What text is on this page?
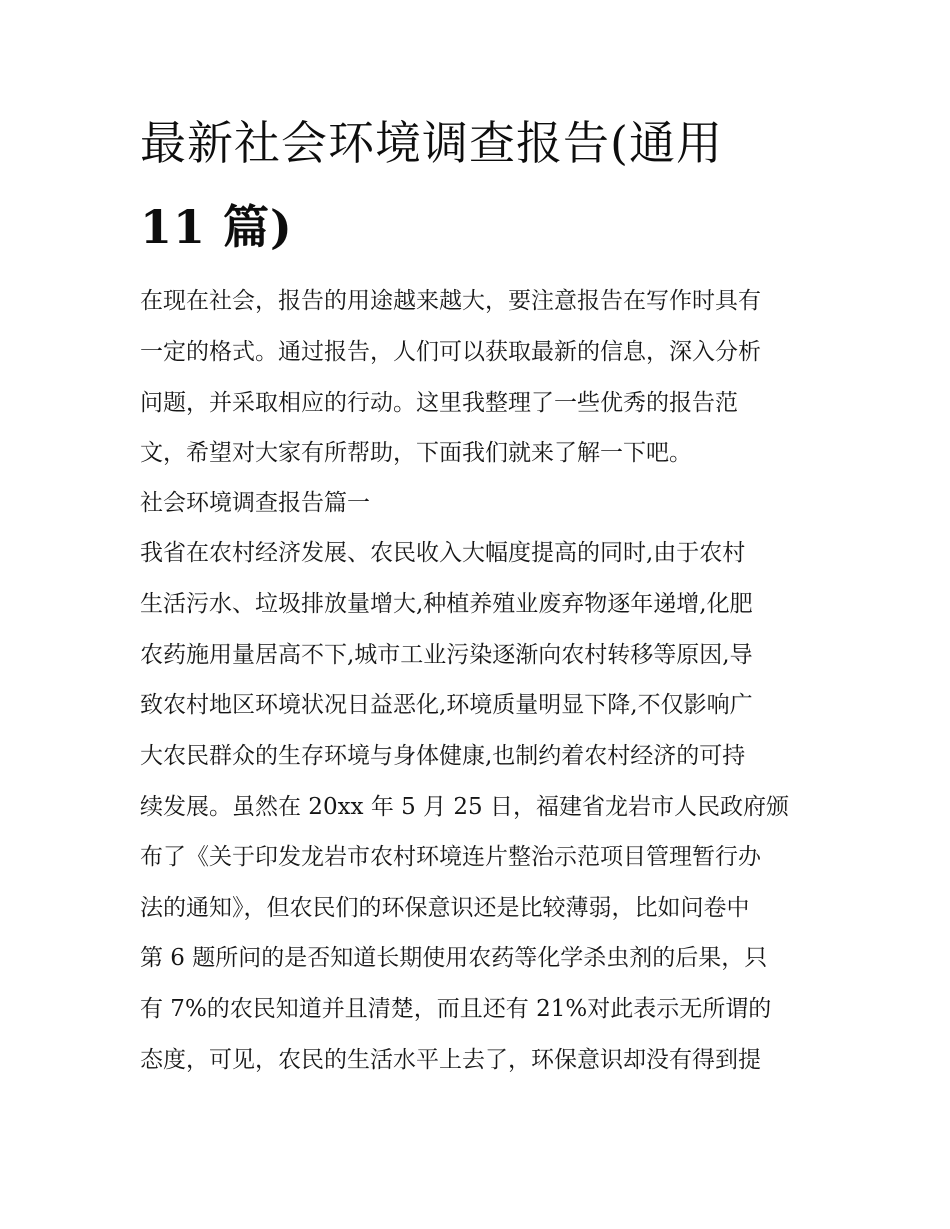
最新社会环境调查报告(通用
11 篇)
在现在社会，报告的用途越来越大，要注意报告在写作时具有
一定的格式。通过报告，人们可以获取最新的信息，深入分析
问题，并采取相应的行动。这里我整理了一些优秀的报告范
文，希望对大家有所帮助，下面我们就来了解一下吧。
社会环境调查报告篇一
我省在农村经济发展、农民收入大幅度提高的同时,由于农村
生活污水、垃圾排放量增大,种植养殖业废弃物逐年递增,化肥
农药施用量居高不下,城市工业污染逐渐向农村转移等原因,导
致农村地区环境状况日益恶化,环境质量明显下降,不仅影响广
大农民群众的生存环境与身体健康,也制约着农村经济的可持
续发展。虽然在 20xx 年 5 月 25 日，福建省龙岩市人民政府颁
布了《关于印发龙岩市农村环境连片整治示范项目管理暂行办
法的通知》，但农民们的环保意识还是比较薄弱，比如问卷中
第 6 题所问的是否知道长期使用农药等化学杀虫剂的后果，只
有 7%的农民知道并且清楚，而且还有 21%对此表示无所谓的
态度，可见，农民的生活水平上去了，环保意识却没有得到提
